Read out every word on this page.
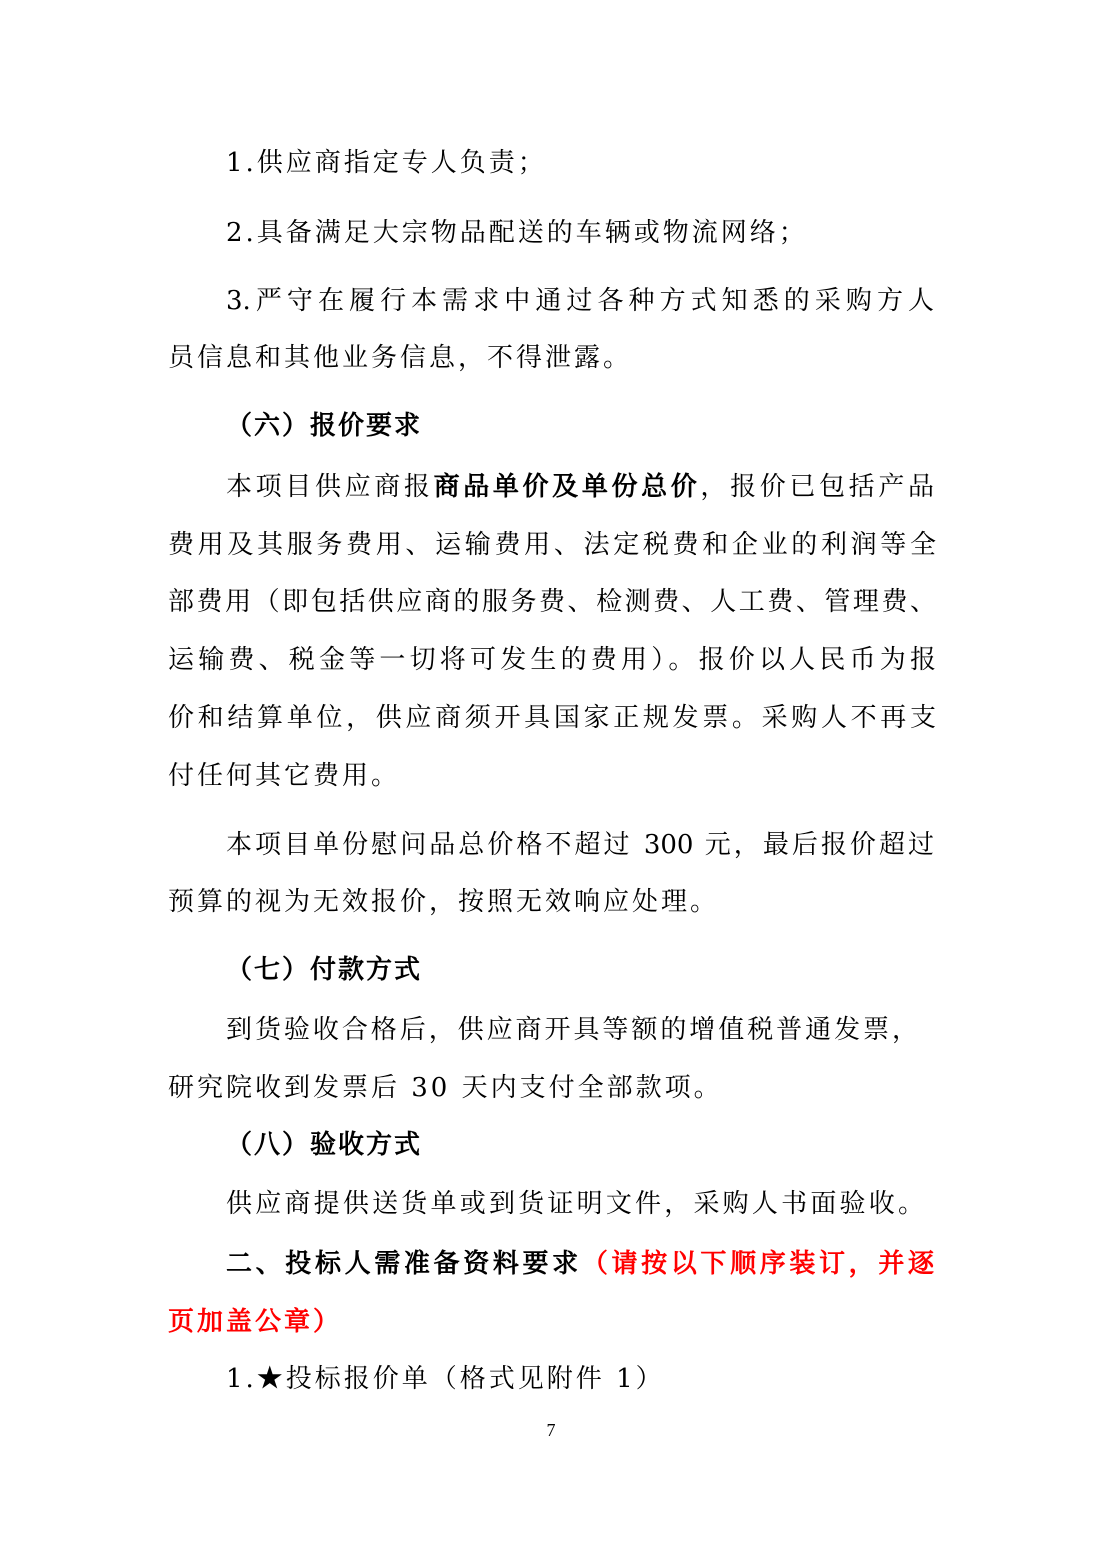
1.供应商指定专人负责；
2.具备满足大宗物品配送的车辆或物流网络；
3.严守在履行本需求中通过各种方式知悉的采购方人
员信息和其他业务信息，不得泄露。
（六）报价要求
本项目供应商报商品单价及单份总价，报价已包括产品
费用及其服务费用、运输费用、法定税费和企业的利润等全
部费用（即包括供应商的服务费、检测费、人工费、管理费、
运输费、税金等一切将可发生的费用）。报价以人民币为报
价和结算单位，供应商须开具国家正规发票。采购人不再支
付任何其它费用。
本项目单份慰问品总价格不超过 300 元，最后报价超过
预算的视为无效报价，按照无效响应处理。
（七）付款方式
到货验收合格后，供应商开具等额的增值税普通发票，
研究院收到发票后 30 天内支付全部款项。
（八）验收方式
供应商提供送货单或到货证明文件，采购人书面验收。
二、投标人需准备资料要求（请按以下顺序装订，并逐
页加盖公章）
1.★投标报价单（格式见附件 1）
7
